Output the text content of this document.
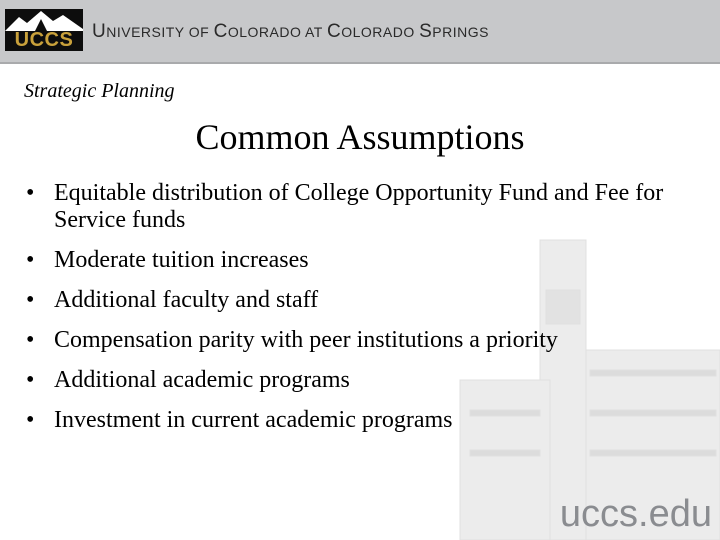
UCCS UNIVERSITY OF COLORADO AT COLORADO SPRINGS
Strategic Planning
Common Assumptions
• Equitable distribution of College Opportunity Fund and Fee for Service funds
• Moderate tuition increases
• Additional faculty and staff
• Compensation parity with peer institutions a priority
• Additional academic programs
• Investment in current academic programs
uccs.edu
